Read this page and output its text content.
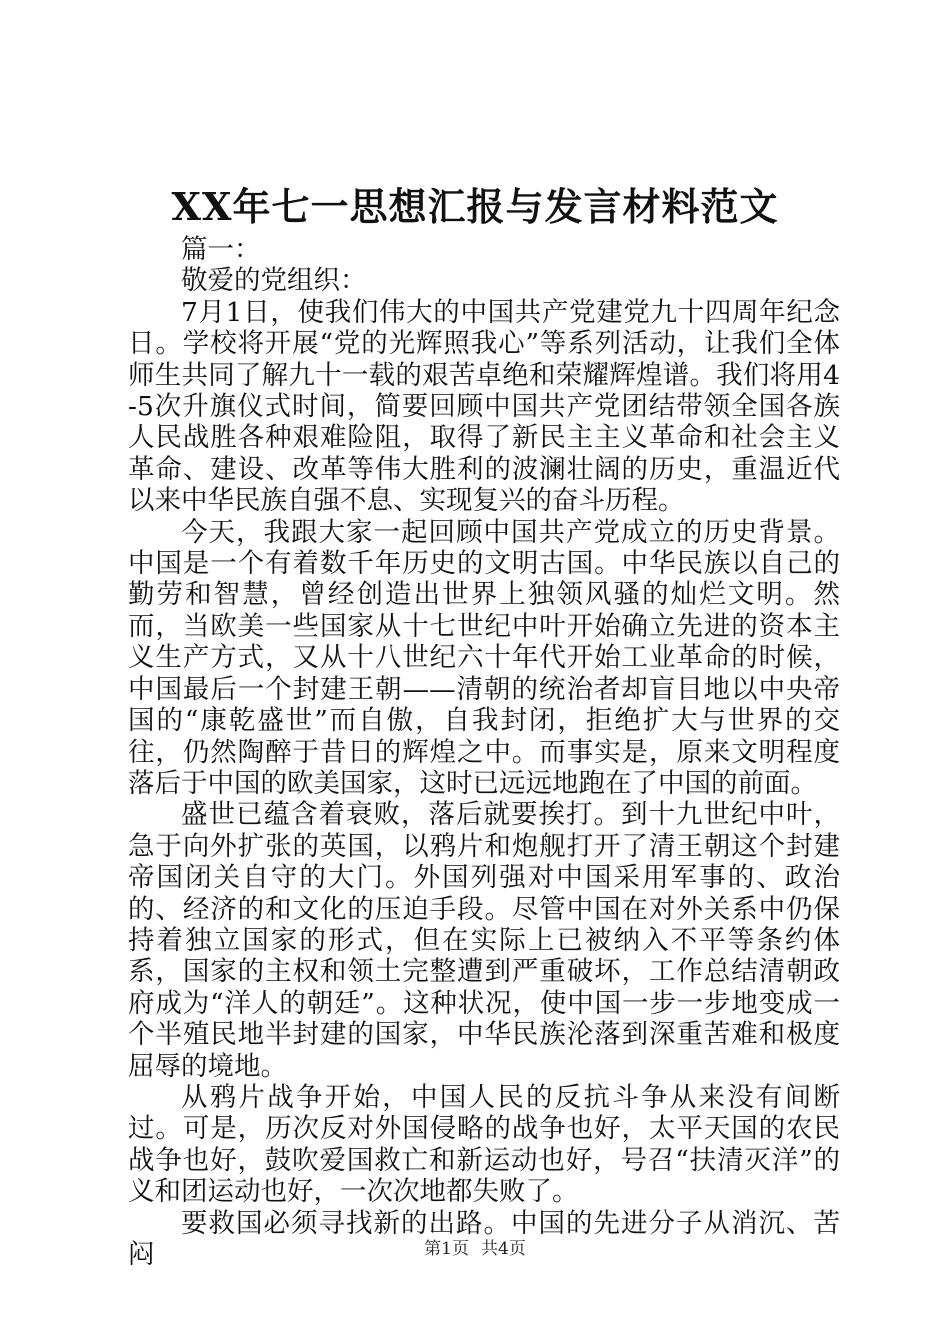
XX年七一思想汇报与发言材料范文

篇一：

敬爱的党组织：

7月1日，使我们伟大的中国共产党建党九十四周年纪念日。学校将开展“党的光辉照我心”等系列活动，让我们全体师生共同了解九十一载的艰苦卓绝和荣耀辉煌谱。我们将用4-5次升旗仪式时间，简要回顾中国共产党团结带领全国各族人民战胜各种艰难险阻，取得了新民主主义革命和社会主义革命、建设、改革等伟大胜利的波澜壮阔的历史，重温近代以来中华民族自强不息、实现复兴的奋斗历程。

今天，我跟大家一起回顾中国共产党成立的历史背景。中国是一个有着数千年历史的文明古国。中华民族以自己的勤劳和智慧，曾经创造出世界上独领风骚的灿烂文明。然而，当欧美一些国家从十七世纪中叶开始确立先进的资本主义生产方式，又从十八世纪六十年代开始工业革命的时候，中国最后一个封建王朝——清朝的统治者却盲目地以中央帝国的“康乾盛世”而自傲，自我封闭，拒绝扩大与世界的交往，仍然陶醉于昔日的辉煌之中。而事实是，原来文明程度落后于中国的欧美国家，这时已远远地跑在了中国的前面。

盛世已蕴含着衰败，落后就要挨打。到十九世纪中叶，急于向外扩张的英国，以鸦片和炮舰打开了清王朝这个封建帝国闭关自守的大门。外国列强对中国采用军事的、政治的、经济的和文化的压迫手段。尽管中国在对外关系中仍保持着独立国家的形式，但在实际上已被纳入不平等条约体系，国家的主权和领土完整遭到严重破坏，工作总结清朝政府成为“洋人的朝廷”。这种状况，使中国一步一步地变成一个半殖民地半封建的国家，中华民族沦落到深重苦难和极度屈辱的境地。

从鸦片战争开始，中国人民的反抗斗争从来没有间断过。可是，历次反对外国侵略的战争也好，太平天国的农民战争也好，鼓吹爱国救亡和新运动也好，号召“扶清灭洋”的义和团运动也好，一次次地都失败了。

要救国必须寻找新的出路。中国的先进分子从消沉、苦闷	第1页 共4页
